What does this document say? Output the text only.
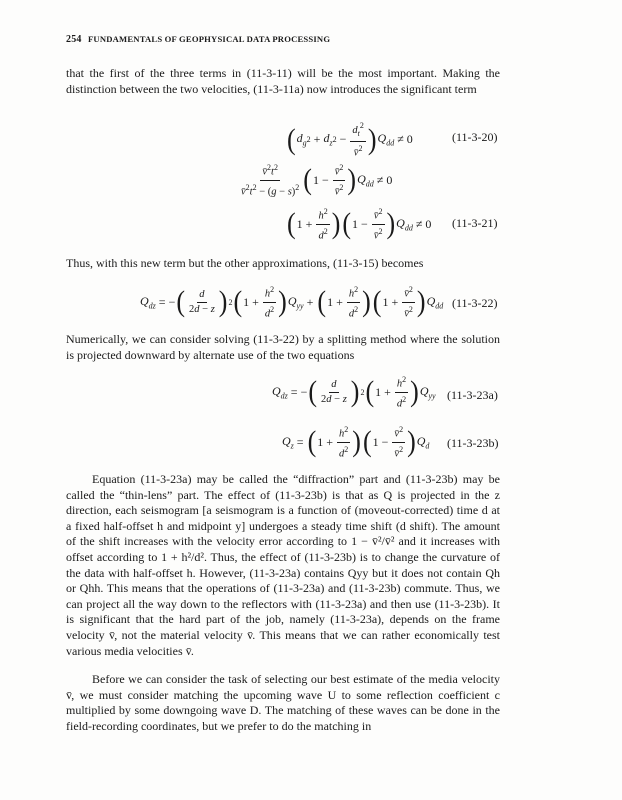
254 FUNDAMENTALS OF GEOPHYSICAL DATA PROCESSING

that the first of the three terms in (11-3-11) will be the most important. Making the distinction between the two velocities, (11-3-11a) now introduces the significant term

( $d_g$ $2 + d_z$ $2 - \frac{d_t^2}{v̄^2}$ ) $Q_{dd} \ne 0$	(11-3-20)
$\frac{v̄^2t^2}{v̄^2t^2 - (g - s)^2}$ ( $1 - \frac{v̄^2}{v̄^2}$ ) $Q_{dd} \ne 0$
( $1 + \frac{h^2}{d^2}$ ) ( $1 - \frac{v̄^2}{v̄^2}$ ) $Q_{dd} \ne 0$ (11-3-21)

Thus, with this new term but the other approximations, (11-3-15) becomes

$Q_{dz}$ = − ( $\frac{d}{2d - z}$ ) 2 ( $1 + \frac{h^2}{d^2}$ ) $Q_{yy}$ + ( $1 + \frac{h^2}{d^2}$ ) ( $1 + \frac{v̄^2}{v̄^2}$ ) $Q_{dd}$ (11-3-22)

Numerically, we can consider solving (11-3-22) by a splitting method where the solution is projected downward by alternate use of the two equations

$Q_{dz}$ = − ( $\frac{d}{2d - z}$ ) 2 ( $1 + \frac{h^2}{d^2}$ ) $Q_{yy}$ (11-3-23a)
$Q_z$ = ( $1 + \frac{h^2}{d^2}$ ) ( $1 - \frac{v̄^2}{v̄^2}$ ) $Q_d$ (11-3-23b)

Equation (11-3-23a) may be called the “diffraction” part and (11-3-23b) may be called the “thin-lens” part. The effect of (11-3-23b) is that as Q is projected in the z direction, each seismogram [a seismogram is a function of (moveout-corrected) time d at a fixed half-offset h and midpoint y] undergoes a steady time shift (d shift). The amount of the shift increases with the velocity error according to 1 − v̄²/v̄² and it increases with offset according to 1 + h²/d². Thus, the effect of (11-3-23b) is to change the curvature of the data with half-offset h. However, (11-3-23a) contains Qyy but it does not contain Qh or Qhh. This means that the operations of (11-3-23a) and (11-3-23b) commute. Thus, we can project all the way down to the reflectors with (11-3-23a) and then use (11-3-23b). It is significant that the hard part of the job, namely (11-3-23a), depends on the frame velocity v̄, not the material velocity v̄. This means that we can rather economically test various media velocities v̄.

Before we can consider the task of selecting our best estimate of the media velocity v̄, we must consider matching the upcoming wave U to some reflection coefficient c multiplied by some downgoing wave D. The matching of these waves can be done in the field-recording coordinates, but we prefer to do the matching in
